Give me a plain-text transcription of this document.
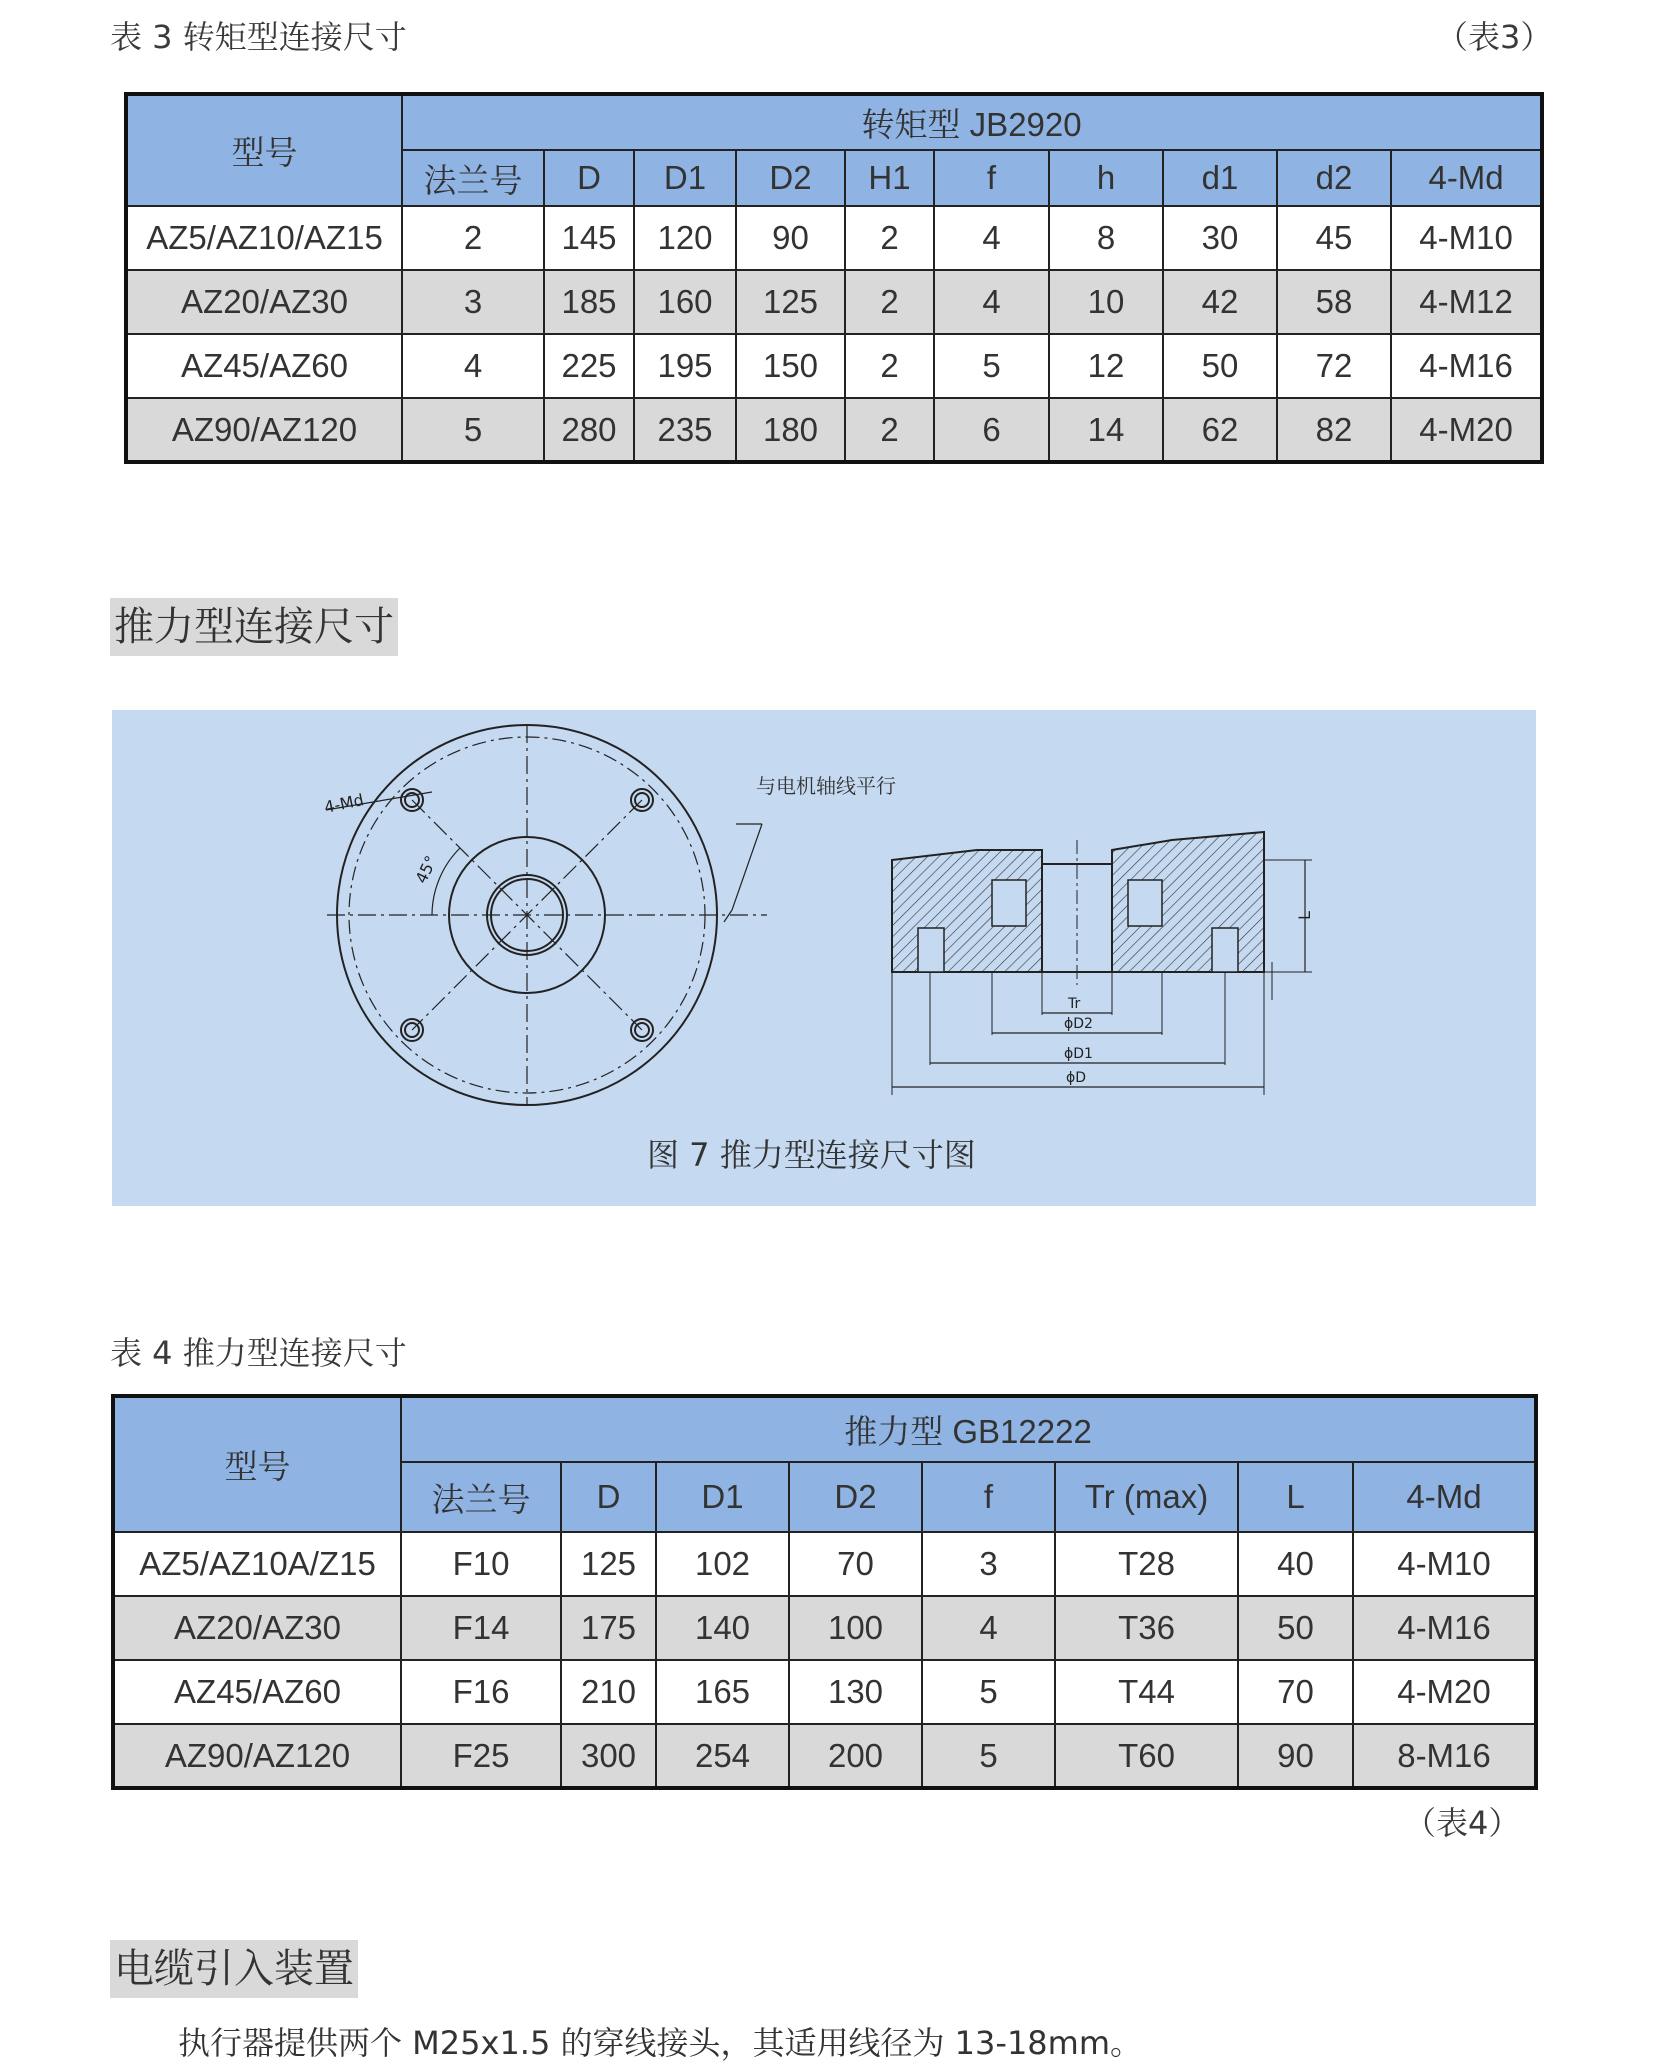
表 3 转矩型连接尺寸	（表3）
型号	转矩型 JB2920									
	法兰号	D	D1	D2	H1	f	h	d1	d2	4-Md
AZ5/AZ10/AZ15	2	145	120	90	2	4	8	30	45	4-M10
AZ20/AZ30	3	185	160	125	2	4	10	42	58	4-M12
AZ45/AZ60	4	225	195	150	2	5	12	50	72	4-M16
AZ90/AZ120	5	280	235	180	2	6	14	62	82	4-M20
推力型连接尺寸
与电机轴线平行
4-Md
45°
L
Tr
ϕD2
ϕD1
ϕD
图 7 推力型连接尺寸图
表 4 推力型连接尺寸
型号	推力型 GB12222							
	法兰号	D	D1	D2	f	Tr (max)	L	4-Md
AZ5/AZ10A/Z15	F10	125	102	70	3	T28	40	4-M10
AZ20/AZ30	F14	175	140	100	4	T36	50	4-M16
AZ45/AZ60	F16	210	165	130	5	T44	70	4-M20
AZ90/AZ120	F25	300	254	200	5	T60	90	8-M16
（表4）
电缆引入装置
执行器提供两个 M25x1.5 的穿线接头，其适用线径为 13-18mm。
